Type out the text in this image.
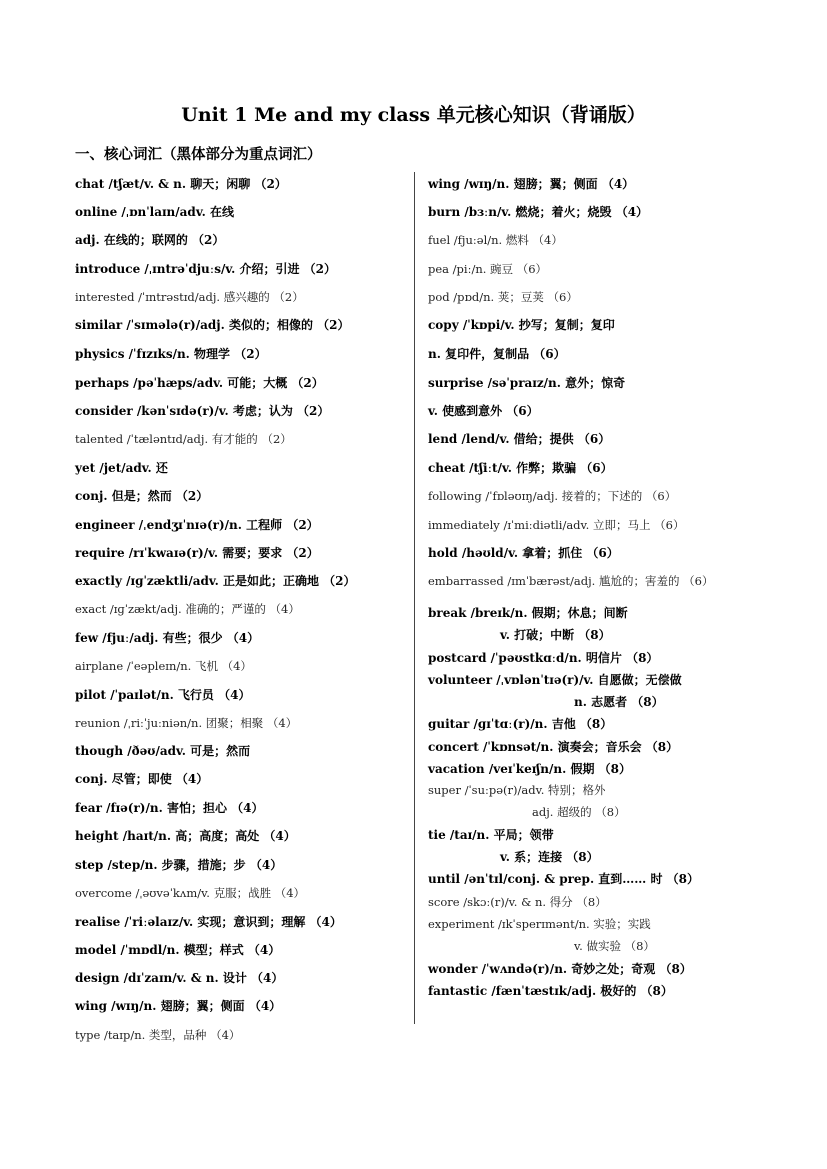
Unit 1 Me and my class 单元核心知识（背诵版）
一、核心词汇（黑体部分为重点词汇）
chat /tʃæt/v. & n. 聊天；闲聊 （2）
online /ˌɒnˈlaɪn/adv. 在线
adj. 在线的；联网的 （2）
introduce /ˌɪntrəˈdjuːs/v. 介绍；引进 （2）
interested /ˈɪntrəstɪd/adj. 感兴趣的 （2）
similar /ˈsɪmələ(r)/adj. 类似的；相像的 （2）
physics /ˈfɪzɪks/n. 物理学 （2）
perhaps /pəˈhæps/adv. 可能；大概 （2）
consider /kənˈsɪdə(r)/v. 考虑；认为 （2）
talented /ˈtæləntɪd/adj. 有才能的 （2）
yet /jet/adv. 还
conj. 但是；然而 （2）
engineer /ˌendʒɪˈnɪə(r)/n. 工程师 （2）
require /rɪˈkwaɪə(r)/v. 需要；要求 （2）
exactly /ɪɡˈzæktli/adv. 正是如此；正确地 （2）
exact /ɪɡˈzækt/adj. 准确的；严谨的 （4）
few /fjuː/adj. 有些；很少 （4）
airplane /ˈeəpleɪn/n. 飞机 （4）
pilot /ˈpaɪlət/n. 飞行员 （4）
reunion /ˌriːˈjuːniən/n. 团聚；相聚 （4）
though /ðəʊ/adv. 可是；然而
conj. 尽管；即使 （4）
fear /fɪə(r)/n. 害怕；担心 （4）
height /haɪt/n. 高；高度；高处 （4）
step /step/n. 步骤，措施；步 （4）
overcome /ˌəʊvəˈkʌm/v. 克服；战胜 （4）
realise /ˈriːəlaɪz/v. 实现；意识到；理解 （4）
model /ˈmɒdl/n. 模型；样式 （4）
design /dɪˈzaɪn/v. & n. 设计 （4）
wing /wɪŋ/n. 翅膀；翼；侧面 （4）
type /taɪp/n. 类型，品种 （4）
wing /wɪŋ/n. 翅膀；翼；侧面 （4）
burn /bɜːn/v. 燃烧；着火；烧毁 （4）
fuel /fjuːəl/n. 燃料 （4）
pea /piː/n. 豌豆 （6）
pod /pɒd/n. 荚；豆荚 （6）
copy /ˈkɒpi/v. 抄写；复制；复印
n. 复印件，复制品 （6）
surprise /səˈpraɪz/n. 意外；惊奇
v. 使感到意外 （6）
lend /lend/v. 借给；提供 （6）
cheat /tʃiːt/v. 作弊；欺骗 （6）
following /ˈfɒləʊɪŋ/adj. 接着的；下述的 （6）
immediately /ɪˈmiːdiətli/adv. 立即；马上 （6）
hold /həʊld/v. 拿着；抓住 （6）
embarrassed /ɪmˈbærəst/adj. 尴尬的；害羞的 （6）
break /breɪk/n. 假期；休息；间断
v. 打破；中断 （8）
postcard /ˈpəʊstkɑːd/n. 明信片 （8）
volunteer /ˌvɒlənˈtɪə(r)/v. 自愿做；无偿做
n. 志愿者 （8）
guitar /ɡɪˈtɑː(r)/n. 吉他 （8）
concert /ˈkɒnsət/n. 演奏会；音乐会 （8）
vacation /veɪˈkeɪʃn/n. 假期 （8）
super /ˈsuːpə(r)/adv. 特别；格外
adj. 超级的 （8）
tie /taɪ/n. 平局；领带
v. 系；连接 （8）
until /ənˈtɪl/conj. & prep. 直到…… 时 （8）
score /skɔː(r)/v. & n. 得分 （8）
experiment /ɪkˈsperɪmənt/n. 实验；实践
v. 做实验 （8）
wonder /ˈwʌndə(r)/n. 奇妙之处；奇观 （8）
fantastic /fænˈtæstɪk/adj. 极好的 （8）
